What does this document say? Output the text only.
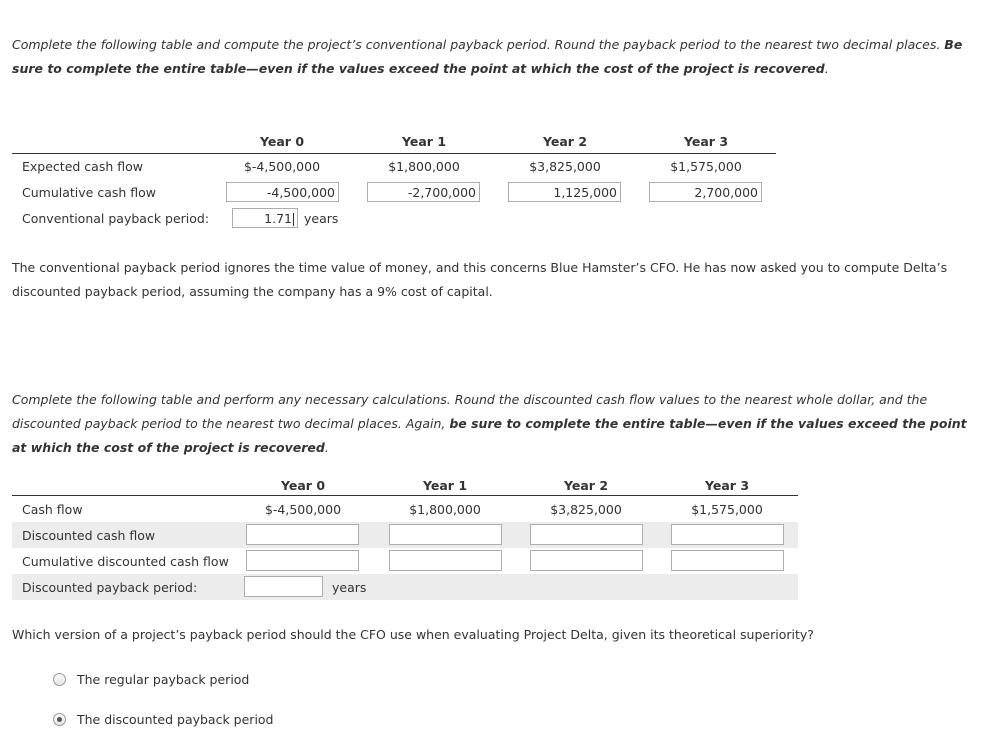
Complete the following table and compute the project’s conventional payback period. Round the payback period to the nearest two decimal places. Be sure to complete the entire table—even if the values exceed the point at which the cost of the project is recovered.
Year 0	Year 1	Year 2	Year 3
Expected cash flow	$-4,500,000	$1,800,000	$3,825,000	$1,575,000
Cumulative cash flow	-4,500,000	-2,700,000	1,125,000	2,700,000
Conventional payback period:	1.71 years
The conventional payback period ignores the time value of money, and this concerns Blue Hamster’s CFO. He has now asked you to compute Delta’s discounted payback period, assuming the company has a 9% cost of capital.
Complete the following table and perform any necessary calculations. Round the discounted cash flow values to the nearest whole dollar, and the discounted payback period to the nearest two decimal places. Again, be sure to complete the entire table—even if the values exceed the point at which the cost of the project is recovered.
Year 0	Year 1	Year 2	Year 3
Cash flow	$-4,500,000	$1,800,000	$3,825,000	$1,575,000
Discounted cash flow
Cumulative discounted cash flow
Discounted payback period:	years
Which version of a project’s payback period should the CFO use when evaluating Project Delta, given its theoretical superiority?
The regular payback period
The discounted payback period
